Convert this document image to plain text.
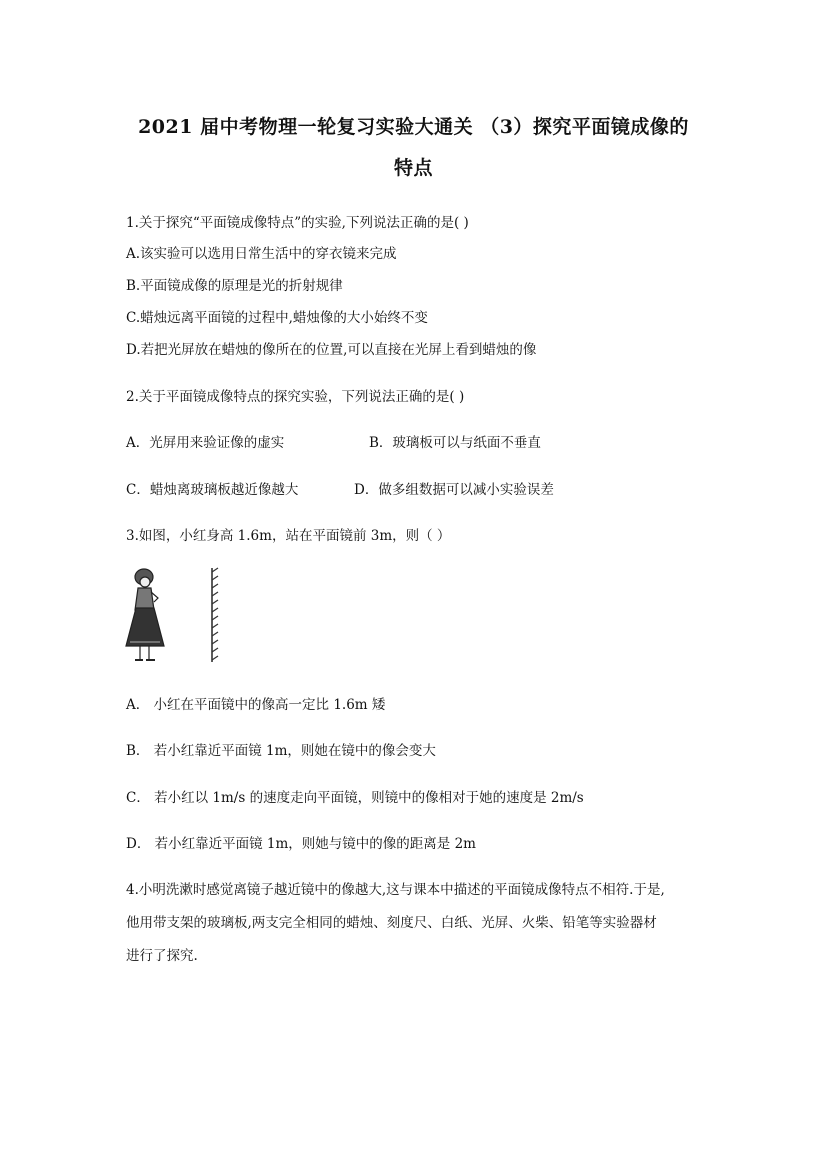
2021 届中考物理一轮复习实验大通关 （3）探究平面镜成像的
特点
1.关于探究“平面镜成像特点”的实验,下列说法正确的是( )
A.该实验可以选用日常生活中的穿衣镜来完成
B.平面镜成像的原理是光的折射规律
C.蜡烛远离平面镜的过程中,蜡烛像的大小始终不变
D.若把光屏放在蜡烛的像所在的位置,可以直接在光屏上看到蜡烛的像
2.关于平面镜成像特点的探究实验，下列说法正确的是( )
A．光屏用来验证像的虚实	B．玻璃板可以与纸面不垂直
C．蜡烛离玻璃板越近像越大	D．做多组数据可以减小实验误差
3.如图，小红身高 1.6m，站在平面镜前 3m，则（ ）
A． 小红在平面镜中的像高一定比 1.6m 矮
B． 若小红靠近平面镜 1m，则她在镜中的像会变大
C． 若小红以 1m/s 的速度走向平面镜，则镜中的像相对于她的速度是 2m/s
D． 若小红靠近平面镜 1m，则她与镜中的像的距离是 2m
4.小明洗漱时感觉离镜子越近镜中的像越大,这与课本中描述的平面镜成像特点不相符.于是,
他用带支架的玻璃板,两支完全相同的蜡烛、刻度尺、白纸、光屏、火柴、铅笔等实验器材
进行了探究.
